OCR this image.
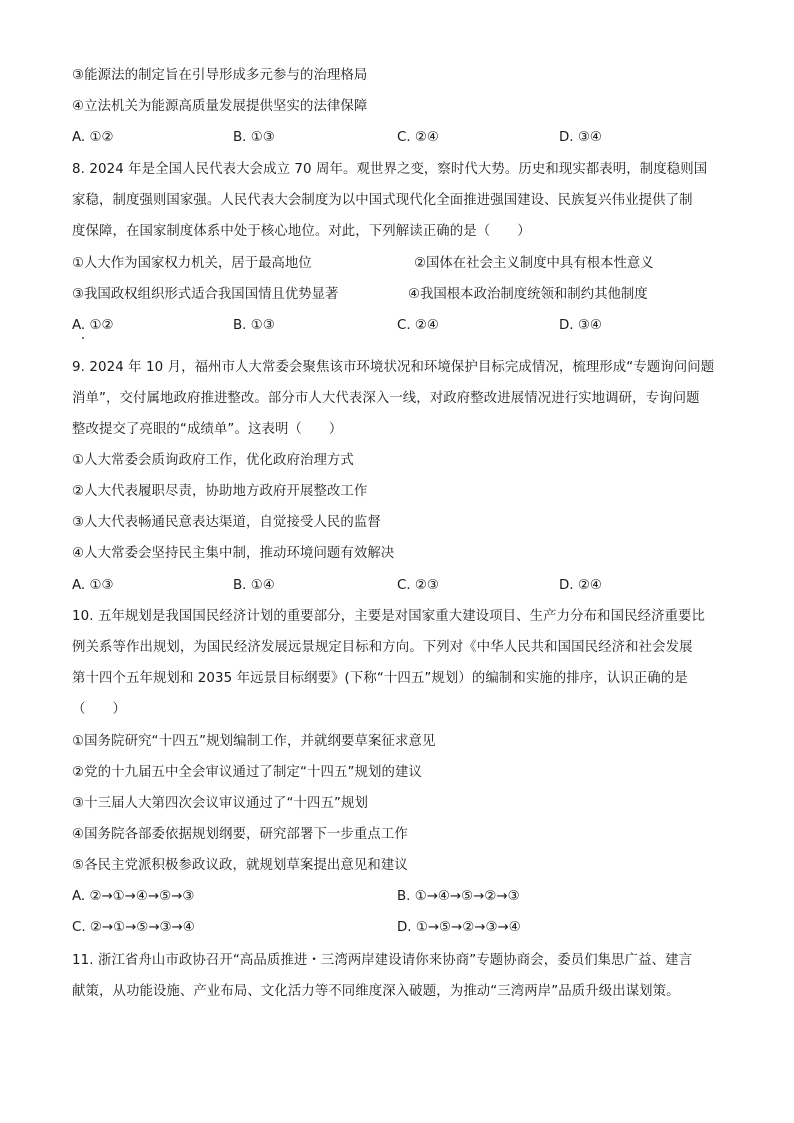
③能源法的制定旨在引导形成多元参与的治理格局
④立法机关为能源高质量发展提供坚实的法律保障
A. ①②	B. ①③	C. ②④	D. ③④
8. 2024 年是全国人民代表大会成立 70 周年。观世界之变，察时代大势。历史和现实都表明，制度稳则国
家稳，制度强则国家强。人民代表大会制度为以中国式现代化全面推进强国建设、民族复兴伟业提供了制
度保障，在国家制度体系中处于核心地位。对此，下列解读正确的是（　　）
①人大作为国家权力机关，居于最高地位	②国体在社会主义制度中具有根本性意义
③我国政权组织形式适合我国国情且优势显著	④我国根本政治制度统领和制约其他制度
A. ①②	B. ①③	C. ②④	D. ③④
9. 2024 年 10 月，福州市人大常委会聚焦该市环境状况和环境保护目标完成情况，梳理形成“专题询问问题
消单”，交付属地政府推进整改。部分市人大代表深入一线，对政府整改进展情况进行实地调研，专询问题
整改提交了亮眼的“成绩单”。这表明（　　）
①人大常委会质询政府工作，优化政府治理方式
②人大代表履职尽责，协助地方政府开展整改工作
③人大代表畅通民意表达渠道，自觉接受人民的监督
④人大常委会坚持民主集中制，推动环境问题有效解决
A. ①③	B. ①④	C. ②③	D. ②④
10. 五年规划是我国国民经济计划的重要部分，主要是对国家重大建设项目、生产力分布和国民经济重要比
例关系等作出规划，为国民经济发展远景规定目标和方向。下列对《中华人民共和国国民经济和社会发展
第十四个五年规划和 2035 年远景目标纲要》(下称“十四五”规划）的编制和实施的排序，认识正确的是
（　　）
①国务院研究“十四五”规划编制工作，并就纲要草案征求意见
②党的十九届五中全会审议通过了制定“十四五”规划的建议
③十三届人大第四次会议审议通过了“十四五”规划
④国务院各部委依据规划纲要，研究部署下一步重点工作
⑤各民主党派积极参政议政，就规划草案提出意见和建议
A. ②→①→④→⑤→③	B. ①→④→⑤→②→③
C. ②→①→⑤→③→④	D. ①→⑤→②→③→④
11. 浙江省舟山市政协召开“高品质推进・三湾两岸建设请你来协商”专题协商会，委员们集思广益、建言
献策，从功能设施、产业布局、文化活力等不同维度深入破题，为推动“三湾两岸”品质升级出谋划策。
